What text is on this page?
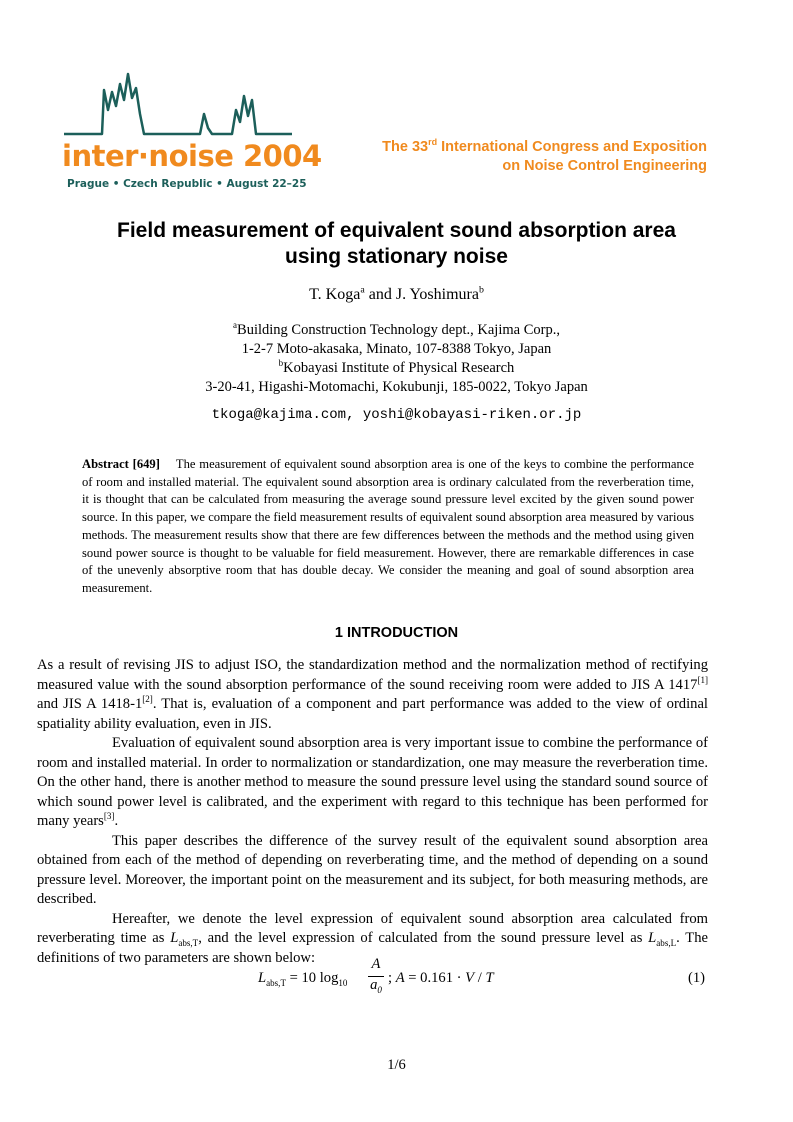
inter·noise 2004
Prague • Czech Republic • August 22–25
The 33rd International Congress and Exposition
on Noise Control Engineering
Field measurement of equivalent sound absorption area
using stationary noise
T. Koga$^a$ and J. Yoshimura$^b$
$^a$Building Construction Technology dept., Kajima Corp.,
1-2-7 Moto-akasaka, Minato, 107-8388 Tokyo, Japan
$^b$Kobayasi Institute of Physical Research
3-20-41, Higashi-Motomachi, Kokubunji, 185-0022, Tokyo Japan
tkoga@kajima.com, yoshi@kobayasi-riken.or.jp
Abstract [649] The measurement of equivalent sound absorption area is one of the keys to combine the performance of room and installed material. The equivalent sound absorption area is ordinary calculated from the reverberation time, it is thought that can be calculated from measuring the average sound pressure level excited by the given sound power source. In this paper, we compare the field measurement results of equivalent sound absorption area measured by various methods. The measurement results show that there are few differences between the methods and the method using given sound power source is thought to be valuable for field measurement. However, there are remarkable differences in case of the unevenly absorptive room that has double decay. We consider the meaning and goal of sound absorption area measurement.
1 INTRODUCTION

As a result of revising JIS to adjust ISO, the standardization method and the normalization method of rectifying measured value with the sound absorption performance of the sound receiving room were added to JIS A 1417[1] and JIS A 1418-1[2]. That is, evaluation of a component and part performance was added to the view of ordinal spatiality ability evaluation, even in JIS.

Evaluation of equivalent sound absorption area is very important issue to combine the performance of room and installed material. In order to normalization or standardization, one may measure the reverberation time. On the other hand, there is another method to measure the sound pressure level using the standard sound source of which sound power level is calibrated, and the experiment with regard to this technique has been performed for many years[3].

This paper describes the difference of the survey result of the equivalent sound absorption area obtained from each of the method of depending on reverberating time, and the method of depending on a sound pressure level. Moreover, the important point on the measurement and its subject, for both measuring methods, are described.

Hereafter, we denote the level expression of equivalent sound absorption area calculated from reverberating time as $L_{abs,T}$, and the level expression of calculated from the sound pressure level as $L_{abs,L}$. The definitions of two parameters are shown below:

$L_{abs,T} = 10$ $\log_{10}$
A
$a_0$
; A = 0.161 · V / T	(1)
1/6
